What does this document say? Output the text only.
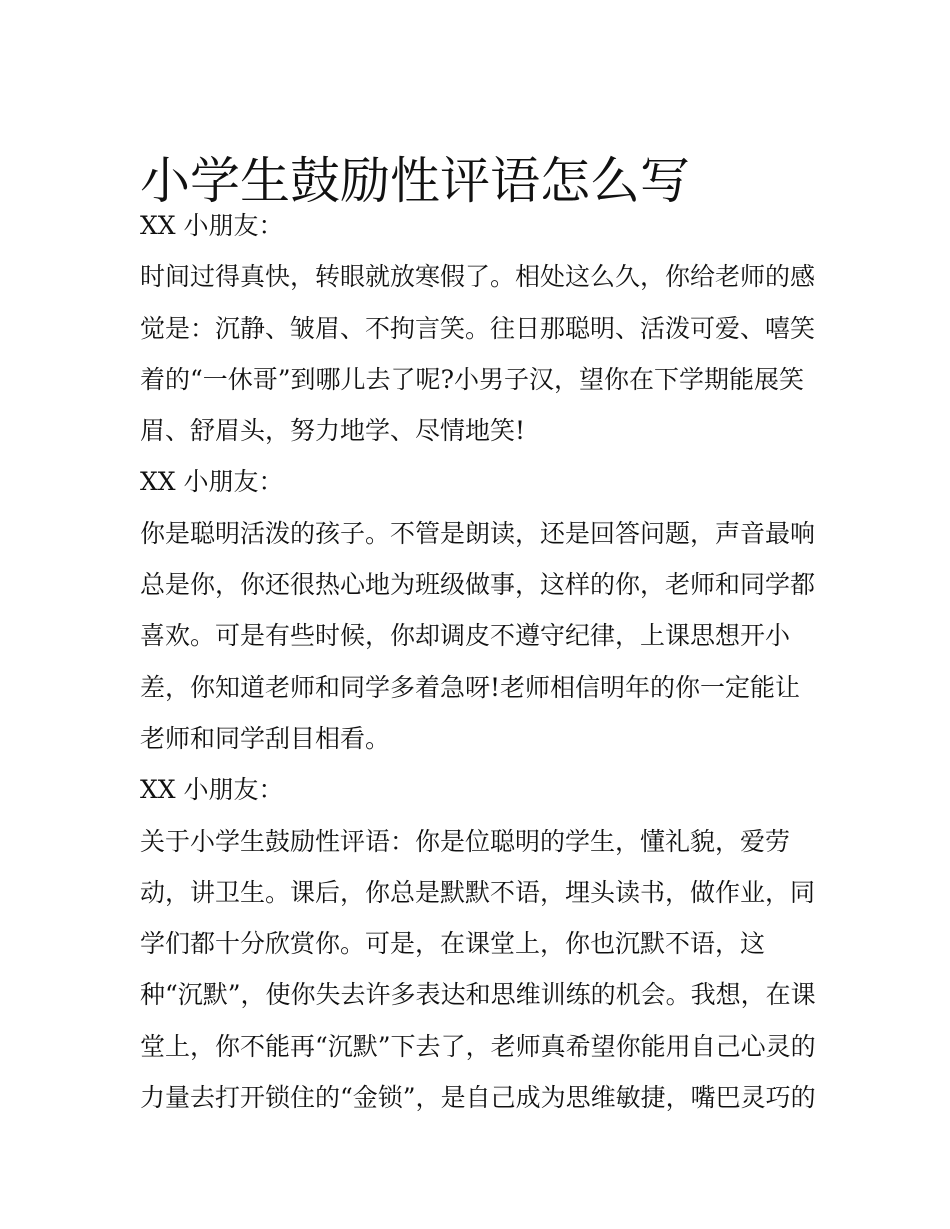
小学生鼓励性评语怎么写
XX 小朋友：
时间过得真快，转眼就放寒假了。相处这么久，你给老师的感
觉是：沉静、皱眉、不拘言笑。往日那聪明、活泼可爱、嘻笑
着的“一休哥”到哪儿去了呢?小男子汉，望你在下学期能展笑
眉、舒眉头，努力地学、尽情地笑!
XX 小朋友：
你是聪明活泼的孩子。不管是朗读，还是回答问题，声音最响
总是你，你还很热心地为班级做事，这样的你，老师和同学都
喜欢。可是有些时候，你却调皮不遵守纪律，上课思想开小
差，你知道老师和同学多着急呀!老师相信明年的你一定能让
老师和同学刮目相看。
XX 小朋友：
关于小学生鼓励性评语：你是位聪明的学生，懂礼貌，爱劳
动，讲卫生。课后，你总是默默不语，埋头读书，做作业，同
学们都十分欣赏你。可是，在课堂上，你也沉默不语，这
种“沉默”，使你失去许多表达和思维训练的机会。我想，在课
堂上，你不能再“沉默”下去了，老师真希望你能用自己心灵的
力量去打开锁住的“金锁”，是自己成为思维敏捷，嘴巴灵巧的
